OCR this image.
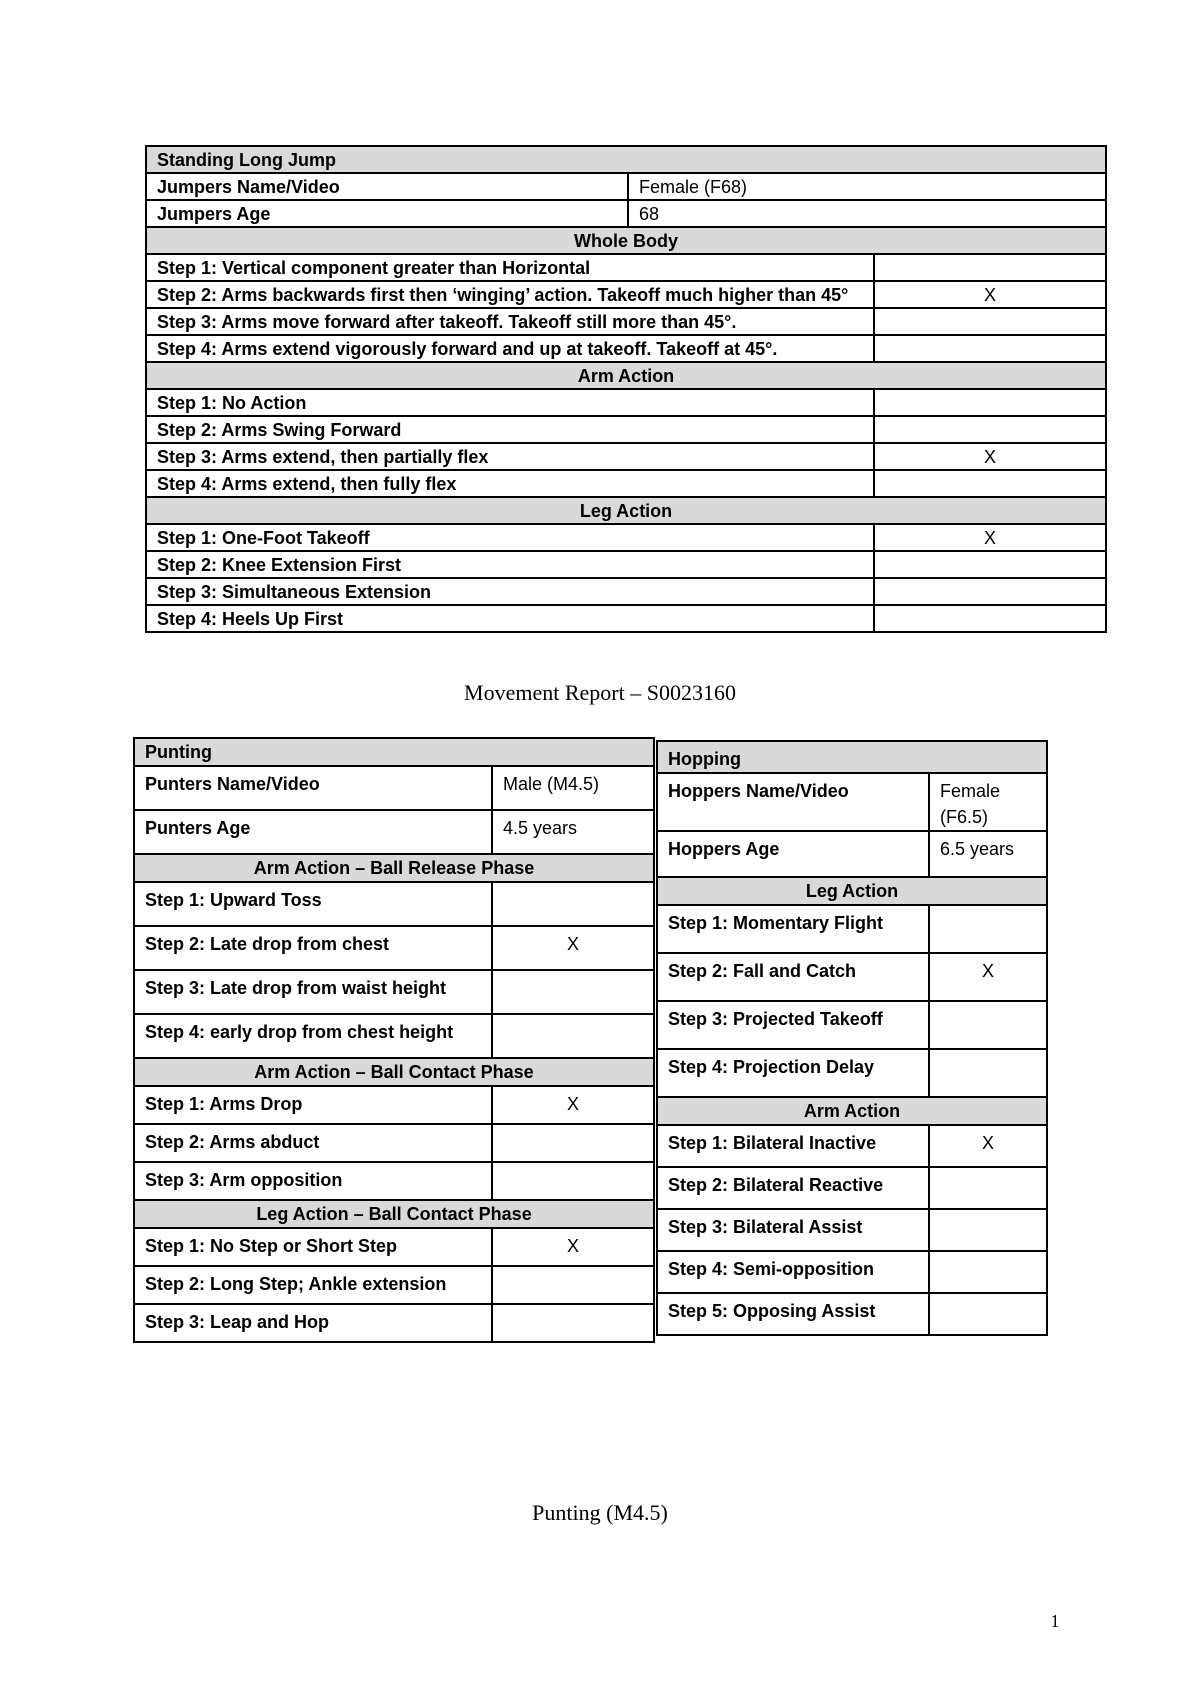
Standing Long Jump		
Jumpers Name/Video	Female (F68)	
Jumpers Age	68	
Whole Body		
Step 1: Vertical component greater than Horizontal		
Step 2: Arms backwards first then ‘winging’ action. Takeoff much higher than 45°		X
Step 3: Arms move forward after takeoff. Takeoff still more than 45°.		
Step 4: Arms extend vigorously forward and up at takeoff. Takeoff at 45°.		
Arm Action		
Step 1: No Action		
Step 2: Arms Swing Forward		
Step 3: Arms extend, then partially flex		X
Step 4: Arms extend, then fully flex		
Leg Action		
Step 1: One-Foot Takeoff		X
Step 2: Knee Extension First		
Step 3: Simultaneous Extension		
Step 4: Heels Up First		
Movement Report – S0023160
Punting	
Punters Name/Video	Male (M4.5)
Punters Age	4.5 years
Arm Action – Ball Release Phase	
Step 1: Upward Toss	
Step 2: Late drop from chest	X
Step 3: Late drop from waist height	
Step 4: early drop from chest height	
Arm Action – Ball Contact Phase	
Step 1: Arms Drop	X
Step 2: Arms abduct	
Step 3: Arm opposition	
Leg Action – Ball Contact Phase	
Step 1: No Step or Short Step	X
Step 2: Long Step; Ankle extension	
Step 3: Leap and Hop	
Hopping	
Hoppers Name/Video	Female (F6.5)
Hoppers Age	6.5 years
Leg Action	
Step 1: Momentary Flight	
Step 2: Fall and Catch	X
Step 3: Projected Takeoff	
Step 4: Projection Delay	
Arm Action	
Step 1: Bilateral Inactive	X
Step 2: Bilateral Reactive	
Step 3: Bilateral Assist	
Step 4: Semi-opposition	
Step 5: Opposing Assist	
Punting (M4.5)
1
